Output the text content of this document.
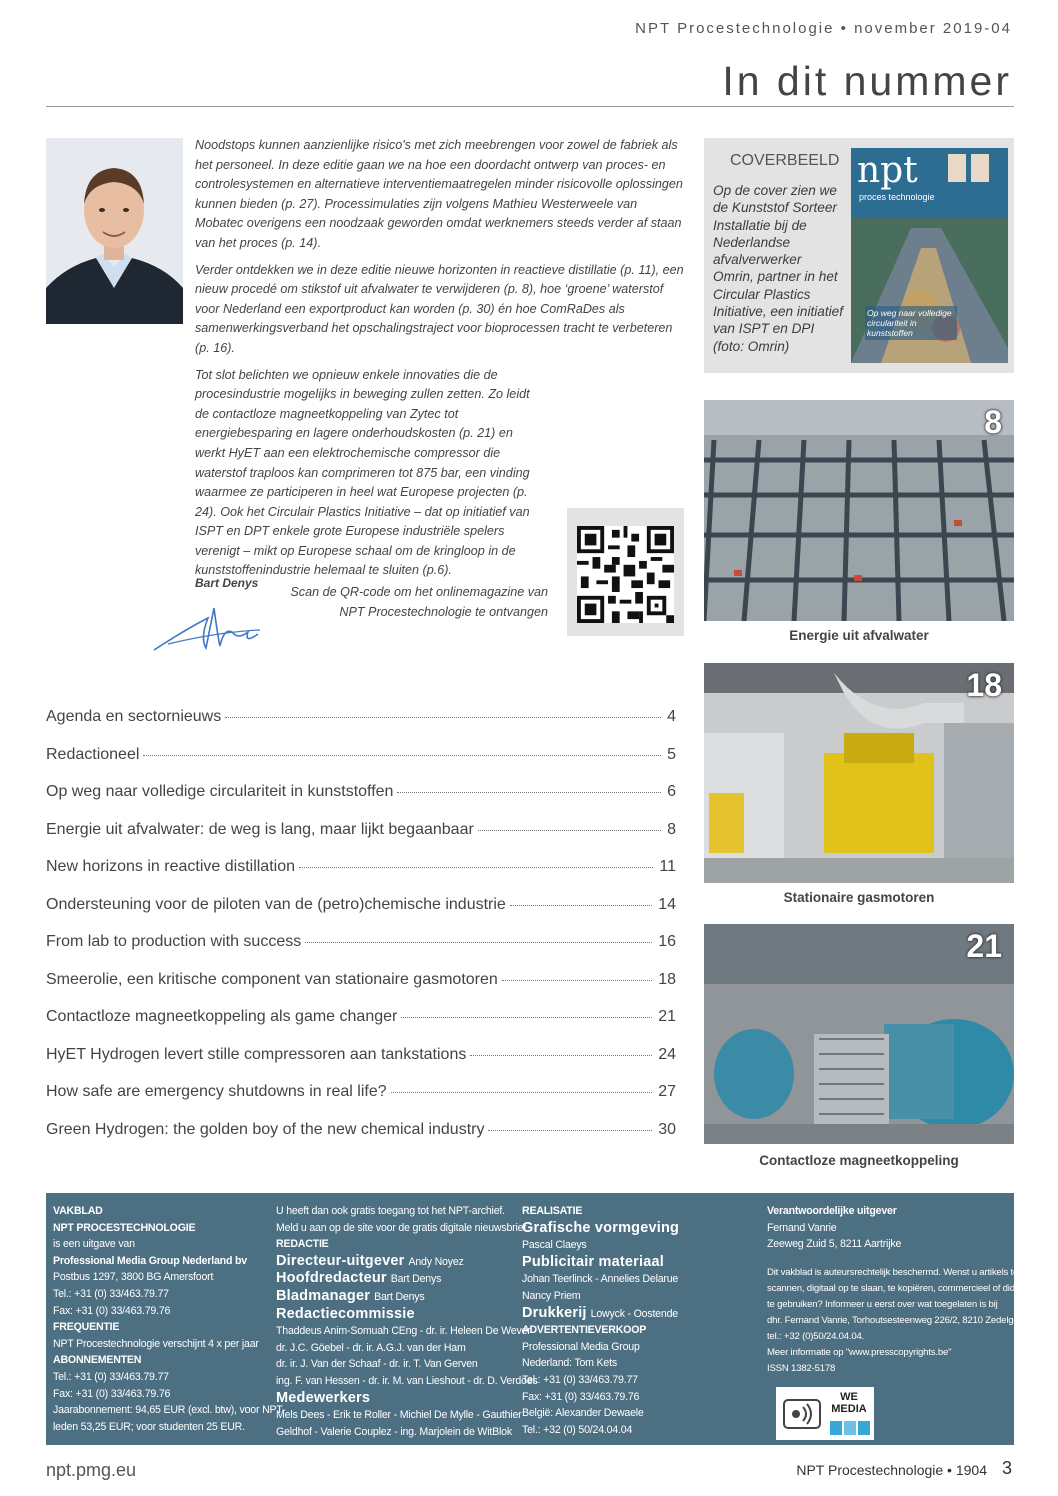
NPT Procestechnologie • november 2019-04
In dit nummer

Noodstops kunnen aanzienlijke risico's met zich meebrengen voor zowel de fabriek als het personeel. In deze editie gaan we na hoe een doordacht ontwerp van proces- en controlesystemen en alternatieve interventiemaatregelen minder risicovolle oplossingen kunnen bieden (p. 27). Processimulaties zijn volgens Mathieu Westerweele van Mobatec overigens een noodzaak geworden omdat werknemers steeds verder af staan van het proces (p. 14).

Verder ontdekken we in deze editie nieuwe horizonten in reactieve distillatie (p. 11), een nieuw procedé om stikstof uit afvalwater te verwijderen (p. 8), hoe ‘groene’ waterstof voor Nederland een exportproduct kan worden (p. 30) én hoe ComRaDes als samenwerkingsverband het opschalingstraject voor bioprocessen tracht te verbeteren (p. 16).

Tot slot belichten we opnieuw enkele innovaties die de procesindustrie mogelijks in beweging zullen zetten. Zo leidt de contactloze magneetkoppeling van Zytec tot energiebesparing en lagere onderhoudskosten (p. 21) en werkt HyET aan een elektrochemische compressor die waterstof traploos kan comprimeren tot 875 bar, een vinding waarmee ze participeren in heel wat Europese projecten (p. 24). Ook het Circulair Plastics Initiative – dat op initiatief van ISPT en DPT enkele grote Europese industriële spelers verenigt – mikt op Europese schaal om de kringloop in de kunststoffenindustrie helemaal te sluiten (p.6).

Bart Denys
Scan de QR-code om het onlinemagazine van NPT Procestechnologie te ontvangen
COVERBEELD
Op de cover zien we de Kunststof Sorteer Installatie bij de Nederlandse afvalverwerker Omrin, partner in het Circular Plastics Initiative, een initiatief van ISPT en DPI (foto: Omrin)
npt
proces technologie
Op weg naar volledige circulariteit in kunststoffen
8
Energie uit afvalwater
18
Stationaire gasmotoren
21
Contactloze magneetkoppeling
Agenda en sectornieuws	4
Redactioneel	5
Op weg naar volledige circulariteit in kunststoffen	6
Energie uit afvalwater: de weg is lang, maar lijkt begaanbaar	8
New horizons in reactive distillation	11
Ondersteuning voor de piloten van de (petro)chemische industrie	14
From lab to production with success	16
Smeerolie, een kritische component van stationaire gasmotoren	18
Contactloze magneetkoppeling als game changer	21
HyET Hydrogen levert stille compressoren aan tankstations	24
How safe are emergency shutdowns in real life?	27
Green Hydrogen: the golden boy of the new chemical industry	30
VAKBLAD
NPT PROCESTECHNOLOGIE
is een uitgave van
Professional Media Group Nederland bv
Postbus 1297, 3800 BG Amersfoort
Tel.: +31 (0) 33/463.79.77
Fax: +31 (0) 33/463.79.76
FREQUENTIE
NPT Procestechnologie verschijnt 4 x per jaar
ABONNEMENTEN
Tel.: +31 (0) 33/463.79.77
Fax: +31 (0) 33/463.79.76
Jaarabonnement: 94,65 EUR (excl. btw), voor NPT-
leden 53,25 EUR; voor studenten 25 EUR.
U heeft dan ook gratis toegang tot het NPT-archief.
Meld u aan op de site voor de gratis digitale nieuwsbrief
REDACTIE
Directeur-uitgever Andy Noyez
Hoofdredacteur Bart Denys
Bladmanager Bart Denys
Redactiecommissie
Thaddeus Anim-Somuah CEng - dr. ir. Heleen De Wever
dr. J.C. Göebel - dr. ir. A.G.J. van der Ham
dr. ir. J. Van der Schaaf - dr. ir. T. Van Gerven
ing. F. van Hessen - dr. ir. M. van Lieshout - dr. D. Verdoes
Medewerkers
Mels Dees - Erik te Roller - Michiel De Mylle - Gauthier
Geldhof - Valerie Couplez - ing. Marjolein de WitBlok
REALISATIE
Grafische vormgeving
Pascal Claeys
Publicitair materiaal
Johan Teerlinck - Annelies Delarue
Nancy Priem
Drukkerij Lowyck - Oostende
ADVERTENTIEVERKOOP
Professional Media Group
Nederland: Tom Kets
Tel.: +31 (0) 33/463.79.77
Fax: +31 (0) 33/463.79.76
België: Alexander Dewaele
Tel.: +32 (0) 50/24.04.04
Verantwoordelijke uitgever
Fernand Vanrie
Zeeweg Zuid 5, 8211 Aartrijke
Dit vakblad is auteursrechtelijk beschermd. Wenst u artikels te
scannen, digitaal op te slaan, te kopiëren, commercieel of didactisch
te gebruiken? Informeer u eerst over wat toegelaten is bij
dhr. Fernand Vanrie, Torhoutsesteenweg 226/2, 8210 Zedelgem,
tel.: +32 (0)50/24.04.04.
Meer informatie op "www.presscopyrights.be"
ISSN 1382-5178
WE MEDIA
npt.pmg.eu	NPT Procestechnologie • 1904 3
